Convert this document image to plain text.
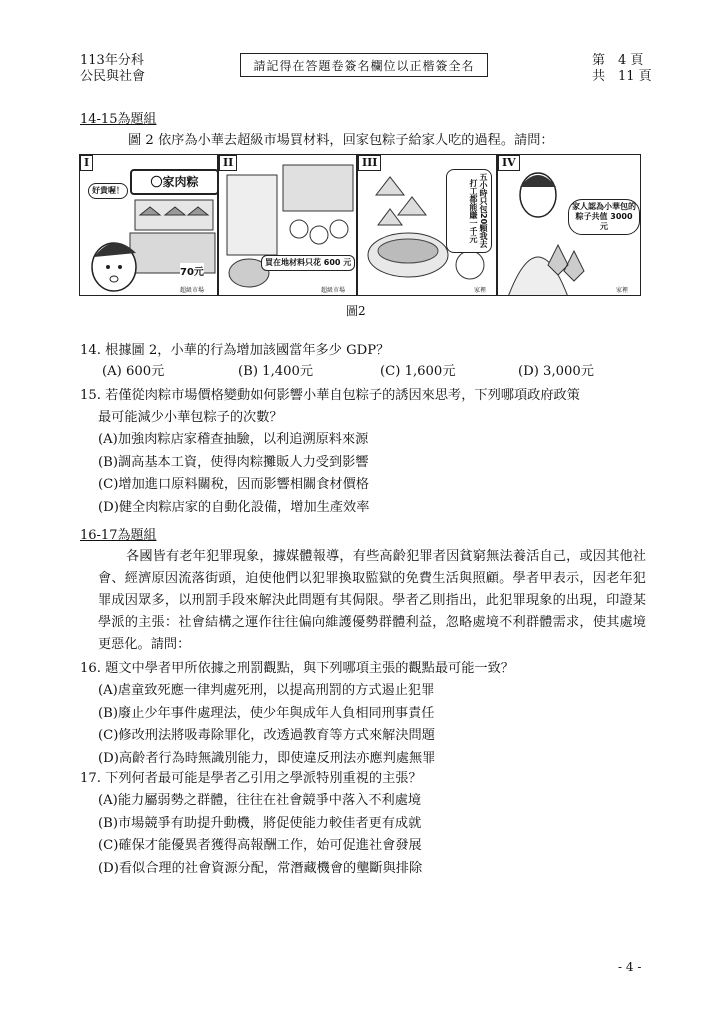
113年分科
公民與社會
請記得在答題卷簽名欄位以正楷簽全名	第　4 頁
共　11 頁
14-15為題組
圖 2 依序為小華去超級市場買材料，回家包粽子給家人吃的過程。請問：
I
〇家肉粽
好貴喔！
70元
超級市場
II
買在地材料只花 600 元
超級市場
III
五小時只包20顆我去打工都能賺一千元
家裡
IV
家人認為小華包的粽子共值 3000 元
家裡
圖2
14. 根據圖 2，小華的行為增加該國當年多少 GDP？
(A) 600元	(B) 1,400元	(C) 1,600元	(D) 3,000元
15. 若僅從肉粽市場價格變動如何影響小華自包粽子的誘因來思考，下列哪項政府政策
最可能減少小華包粽子的次數？
(A)加強肉粽店家稽查抽驗，以利追溯原料來源
(B)調高基本工資，使得肉粽攤販人力受到影響
(C)增加進口原料關稅，因而影響相關食材價格
(D)健全肉粽店家的自動化設備，增加生產效率
16-17為題組
各國皆有老年犯罪現象，據媒體報導，有些高齡犯罪者因貧窮無法養活自己，或因其他社會、經濟原因流落街頭，迫使他們以犯罪換取監獄的免費生活與照顧。學者甲表示，因老年犯罪成因眾多，以刑罰手段來解決此問題有其侷限。學者乙則指出，此犯罪現象的出現，印證某學派的主張：社會結構之運作往往偏向維護優勢群體利益，忽略處境不利群體需求，使其處境更惡化。請問：
16. 題文中學者甲所依據之刑罰觀點，與下列哪項主張的觀點最可能一致？
(A)虐童致死應一律判處死刑，以提高刑罰的方式遏止犯罪
(B)廢止少年事件處理法，使少年與成年人負相同刑事責任
(C)修改刑法將吸毒除罪化，改透過教育等方式來解決問題
(D)高齡者行為時無識別能力，即使違反刑法亦應判處無罪
17. 下列何者最可能是學者乙引用之學派特別重視的主張？
(A)能力屬弱勢之群體，往往在社會競爭中落入不利處境
(B)市場競爭有助提升動機，將促使能力較佳者更有成就
(C)確保才能優異者獲得高報酬工作，始可促進社會發展
(D)看似合理的社會資源分配，常潛藏機會的壟斷與排除
- 4 -
